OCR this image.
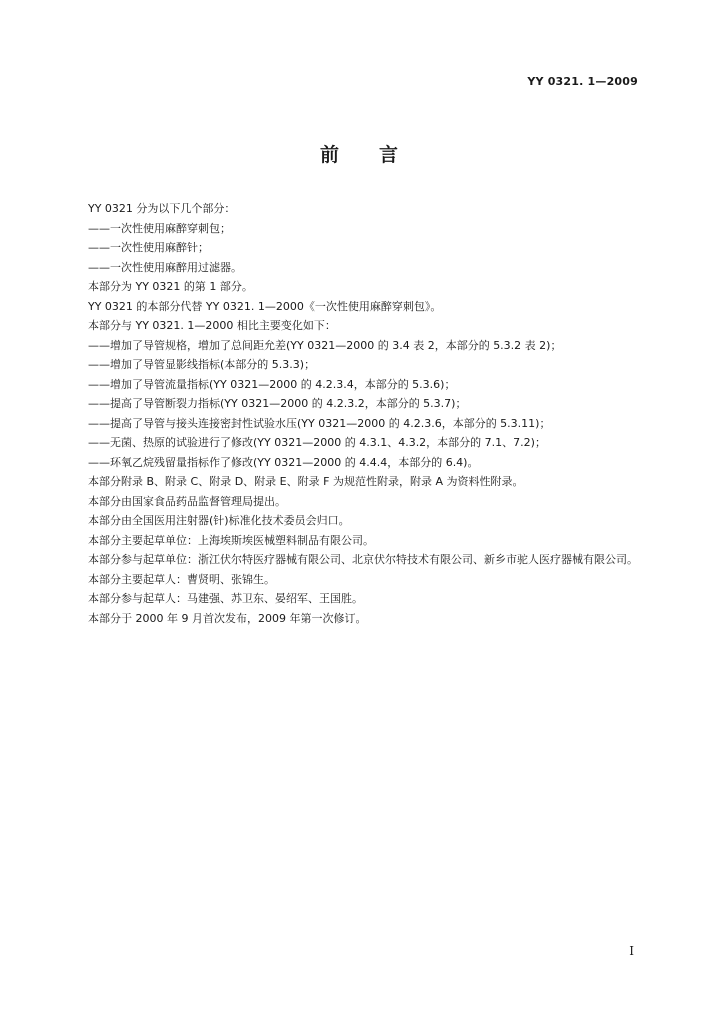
YY 0321. 1—2009
前 言

YY 0321 分为以下几个部分：

——一次性使用麻醉穿刺包；

——一次性使用麻醉针；

——一次性使用麻醉用过滤器。

本部分为 YY 0321 的第 1 部分。

YY 0321 的本部分代替 YY 0321. 1—2000《一次性使用麻醉穿刺包》。

本部分与 YY 0321. 1—2000 相比主要变化如下：

——增加了导管规格，增加了总间距允差(YY 0321—2000 的 3.4 表 2，本部分的 5.3.2 表 2)；

——增加了导管显影线指标(本部分的 5.3.3)；

——增加了导管流量指标(YY 0321—2000 的 4.2.3.4，本部分的 5.3.6)；

——提高了导管断裂力指标(YY 0321—2000 的 4.2.3.2，本部分的 5.3.7)；

——提高了导管与接头连接密封性试验水压(YY 0321—2000 的 4.2.3.6，本部分的 5.3.11)；

——无菌、热原的试验进行了修改(YY 0321—2000 的 4.3.1、4.3.2，本部分的 7.1、7.2)；

——环氧乙烷残留量指标作了修改(YY 0321—2000 的 4.4.4，本部分的 6.4)。

本部分附录 B、附录 C、附录 D、附录 E、附录 F 为规范性附录，附录 A 为资料性附录。

本部分由国家食品药品监督管理局提出。

本部分由全国医用注射器(针)标准化技术委员会归口。

本部分主要起草单位：上海埃斯埃医械塑料制品有限公司。

本部分参与起草单位：浙江伏尔特医疗器械有限公司、北京伏尔特技术有限公司、新乡市驼人医疗器械有限公司。

本部分主要起草人：曹贤明、张锦生。

本部分参与起草人：马建强、苏卫东、晏绍军、王国胜。

本部分于 2000 年 9 月首次发布，2009 年第一次修订。

I
